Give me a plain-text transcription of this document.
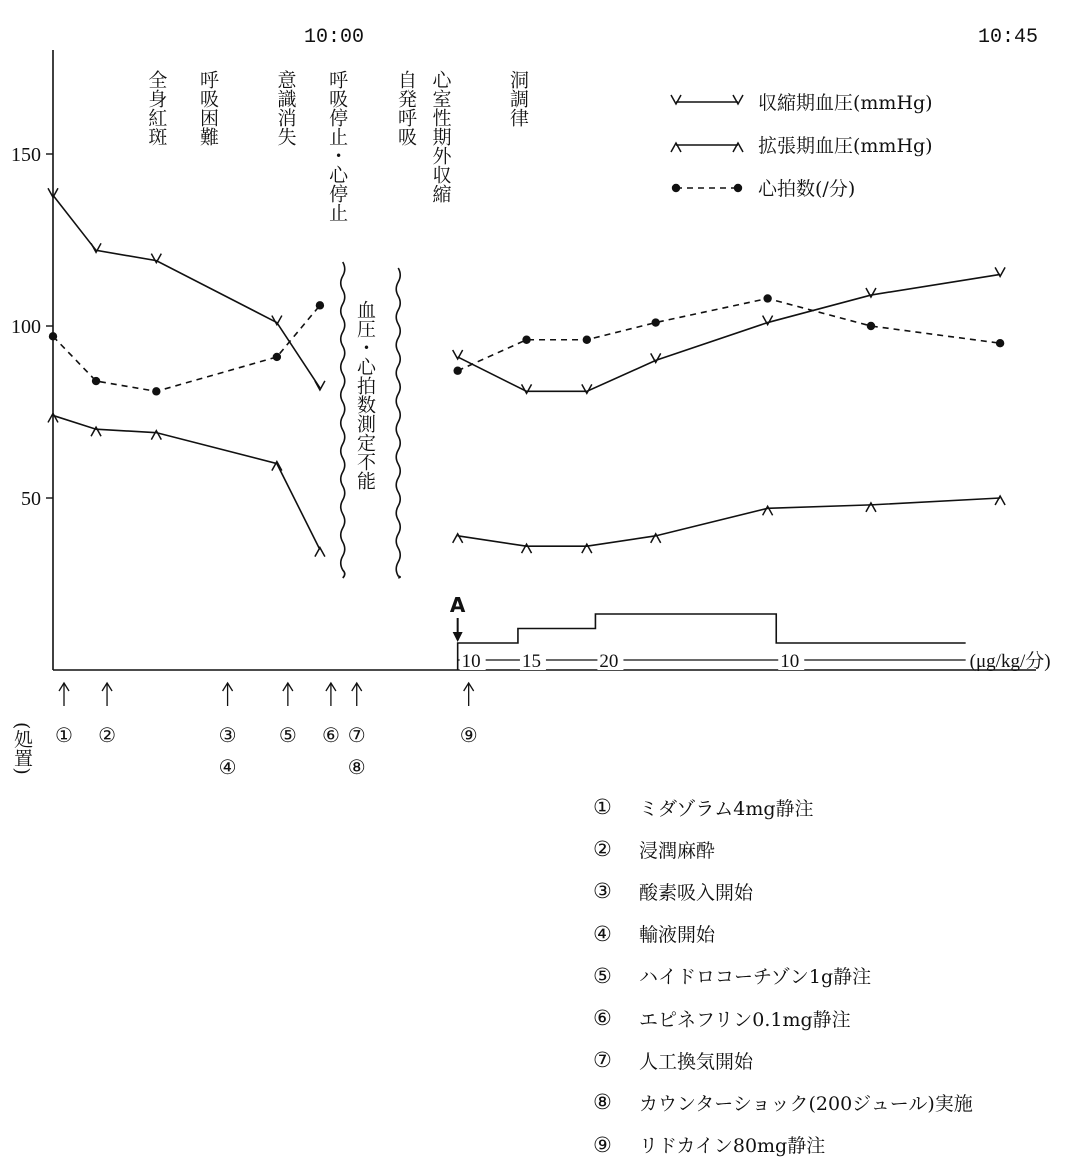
150
100
50
10:00	10:45
全身紅斑 呼吸困難	意識消失 呼吸停止・心停止 自発呼吸 心室性期外収縮	洞調律
血圧・心拍数測定不能
収縮期血圧(mmHg)
拡張期血圧(mmHg)
心拍数(/分)
10 15	20	10	(μg/kg/分)
A
① ②	③
④
⑤ ⑥ ⑦
⑧
⑨
(処置)
①	ミダゾラム4mg静注
②	浸潤麻酔
③	酸素吸入開始
④	輸液開始
⑤	ハイドロコーチゾン1g静注
⑥	エピネフリン0.1mg静注
⑦	人工換気開始
⑧	カウンターショック(200ジュール)実施
⑨	リドカイン80mg静注
